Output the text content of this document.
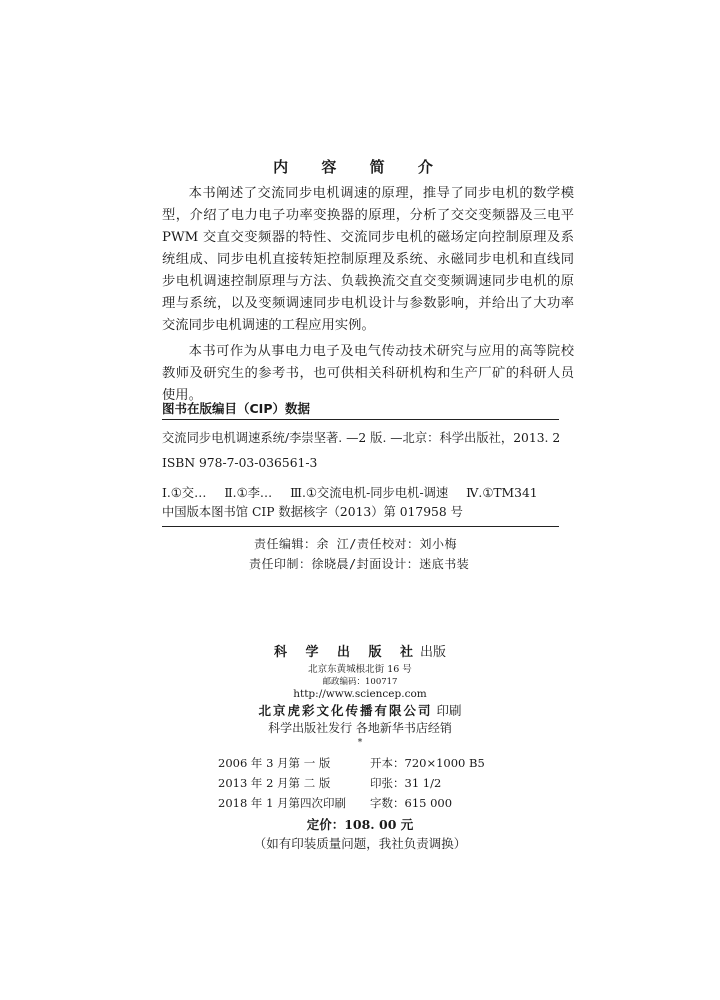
内 容 简 介

本书阐述了交流同步电机调速的原理，推导了同步电机的数学模型，介绍了电力电子功率变换器的原理，分析了交交变频器及三电平 PWM 交直交变频器的特性、交流同步电机的磁场定向控制原理及系统组成、同步电机直接转矩控制原理及系统、永磁同步电机和直线同步电机调速控制原理与方法、负载换流交直交变频调速同步电机的原理与系统，以及变频调速同步电机设计与参数影响，并给出了大功率交流同步电机调速的工程应用实例。

本书可作为从事电力电子及电气传动技术研究与应用的高等院校教师及研究生的参考书，也可供相关科研机构和生产厂矿的科研人员使用。

图书在版编目（CIP）数据
交流同步电机调速系统/李崇坚著. —2 版. —北京：科学出版社，2013. 2
ISBN 978-7-03-036561-3
Ⅰ.①交… Ⅱ.①李… Ⅲ.①交流电机-同步电机-调速 Ⅳ.①TM341
中国版本图书馆 CIP 数据核字（2013）第 017958 号
责任编辑：余 江/责任校对：刘小梅
责任印制：徐晓晨/封面设计：迷底书装
科 学 出 版 社出版
北京东黄城根北街 16 号
邮政编码：100717
http://www.sciencep.com
北京虎彩文化传播有限公司 印刷
科学出版社发行 各地新华书店经销
*
2006 年 3 月第 一 版	开本：720×1000 B5
2013 年 2 月第 二 版	印张：31 1/2
2018 年 1 月第四次印刷 字数：615 000
定价：108. 00 元
（如有印装质量问题，我社负责调换）
